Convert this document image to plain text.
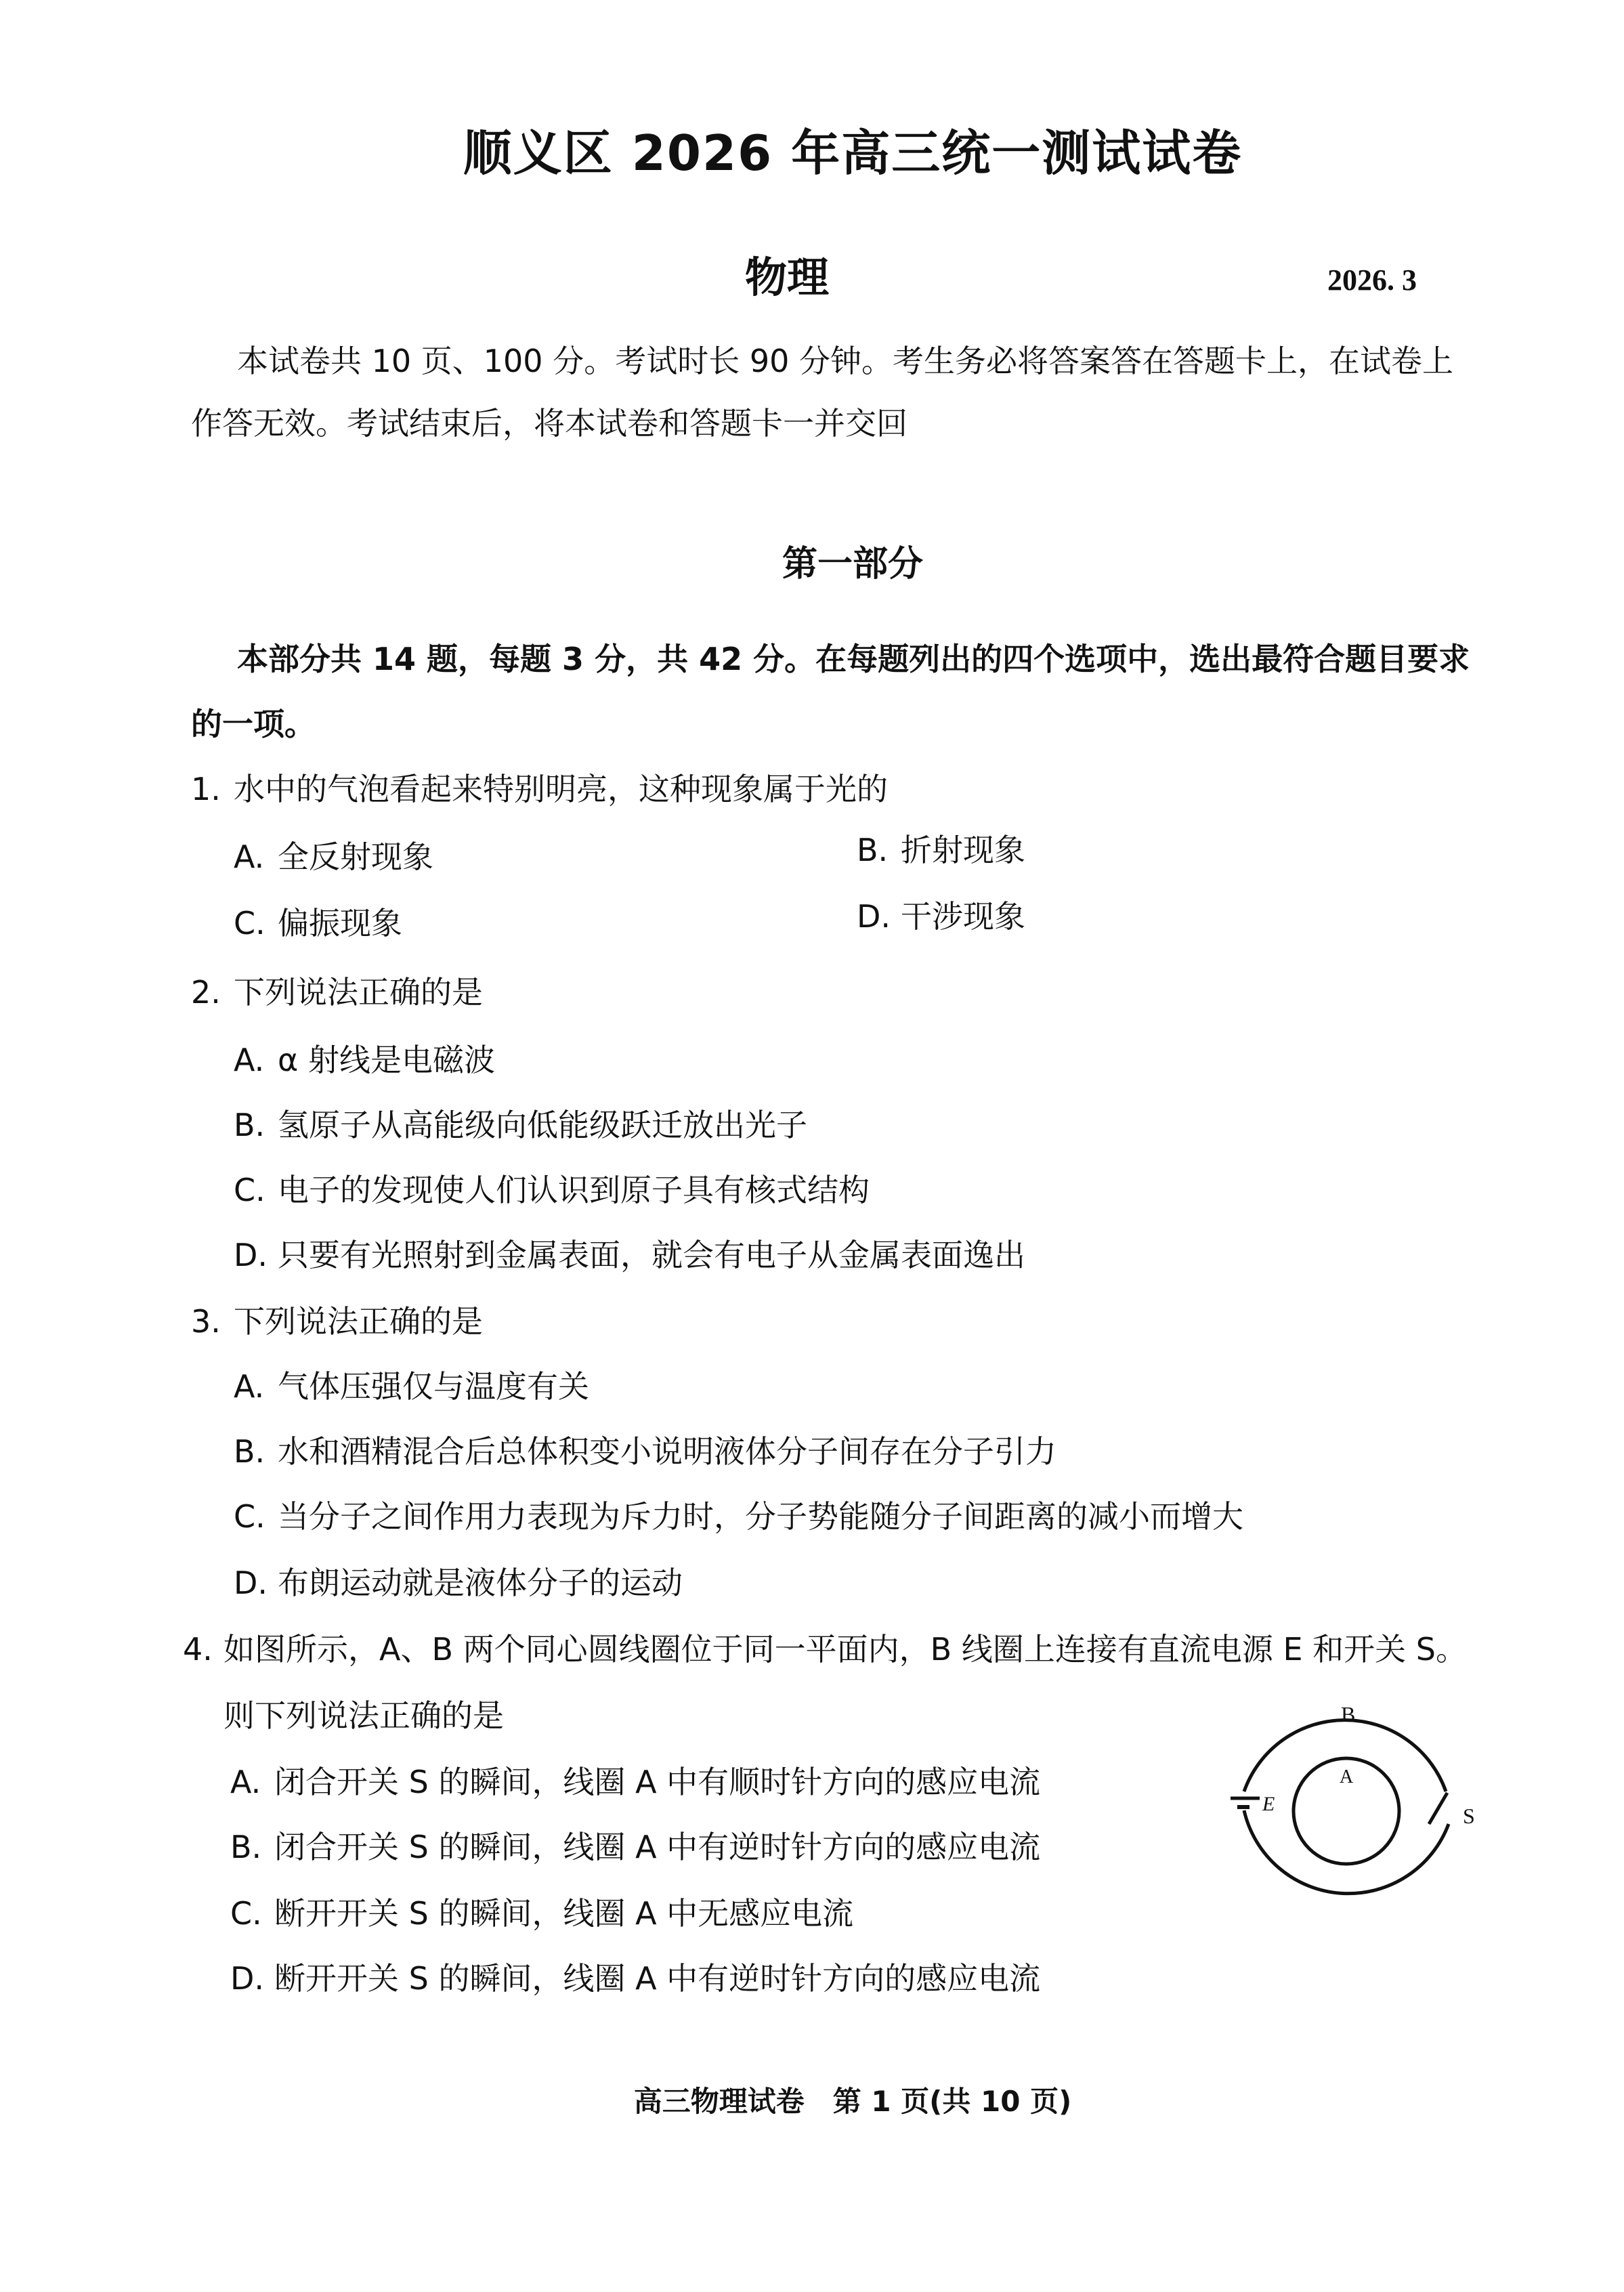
顺义区 2026 年高三统一测试试卷
物理	2026. 3
本试卷共 10 页、100 分。考试时长 90 分钟。考生务必将答案答在答题卡上，在试卷上
作答无效。考试结束后，将本试卷和答题卡一并交回
第一部分
本部分共 14 题，每题 3 分，共 42 分。在每题列出的四个选项中，选出最符合题目要求
的一项。
1. 水中的气泡看起来特别明亮，这种现象属于光的
A. 全反射现象	B. 折射现象
C. 偏振现象	D. 干涉现象
2. 下列说法正确的是
A. α 射线是电磁波
B. 氢原子从高能级向低能级跃迁放出光子
C. 电子的发现使人们认识到原子具有核式结构
D. 只要有光照射到金属表面，就会有电子从金属表面逸出
3. 下列说法正确的是
A. 气体压强仅与温度有关
B. 水和酒精混合后总体积变小说明液体分子间存在分子引力
C. 当分子之间作用力表现为斥力时，分子势能随分子间距离的减小而增大
D. 布朗运动就是液体分子的运动
4. 如图所示，A、B 两个同心圆线圈位于同一平面内，B 线圈上连接有直流电源 E 和开关 S。
则下列说法正确的是
A. 闭合开关 S 的瞬间，线圈 A 中有顺时针方向的感应电流
B. 闭合开关 S 的瞬间，线圈 A 中有逆时针方向的感应电流
C. 断开开关 S 的瞬间，线圈 A 中无感应电流
D. 断开开关 S 的瞬间，线圈 A 中有逆时针方向的感应电流
B
A
E	S
高三物理试卷　第 1 页(共 10 页)
